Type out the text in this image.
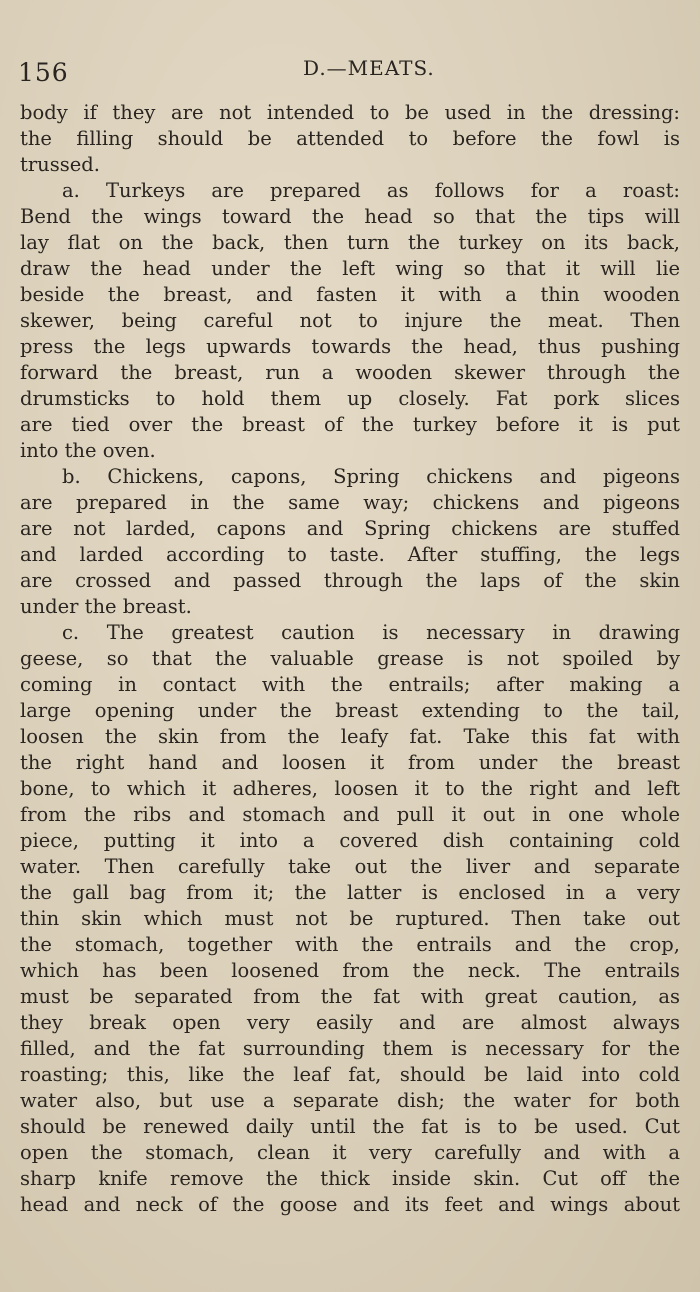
156	D.—MEATS.
body if they are not intended to be used in the dressing:
the filling should be attended to before the fowl is
trussed.
a. Turkeys are prepared as follows for a roast:
Bend the wings toward the head so that the tips will
lay flat on the back, then turn the turkey on its back,
draw the head under the left wing so that it will lie
beside the breast, and fasten it with a thin wooden
skewer, being careful not to injure the meat. Then
press the legs upwards towards the head, thus pushing
forward the breast, run a wooden skewer through the
drumsticks to hold them up closely. Fat pork slices
are tied over the breast of the turkey before it is put
into the oven.
b. Chickens, capons, Spring chickens and pigeons
are prepared in the same way; chickens and pigeons
are not larded, capons and Spring chickens are stuffed
and larded according to taste. After stuffing, the legs
are crossed and passed through the laps of the skin
under the breast.
c. The greatest caution is necessary in drawing
geese, so that the valuable grease is not spoiled by
coming in contact with the entrails; after making a
large opening under the breast extending to the tail,
loosen the skin from the leafy fat. Take this fat with
the right hand and loosen it from under the breast
bone, to which it adheres, loosen it to the right and left
from the ribs and stomach and pull it out in one whole
piece, putting it into a covered dish containing cold
water. Then carefully take out the liver and separate
the gall bag from it; the latter is enclosed in a very
thin skin which must not be ruptured. Then take out
the stomach, together with the entrails and the crop,
which has been loosened from the neck. The entrails
must be separated from the fat with great caution, as
they break open very easily and are almost always
filled, and the fat surrounding them is necessary for the
roasting; this, like the leaf fat, should be laid into cold
water also, but use a separate dish; the water for both
should be renewed daily until the fat is to be used. Cut
open the stomach, clean it very carefully and with a
sharp knife remove the thick inside skin. Cut off the
head and neck of the goose and its feet and wings about
